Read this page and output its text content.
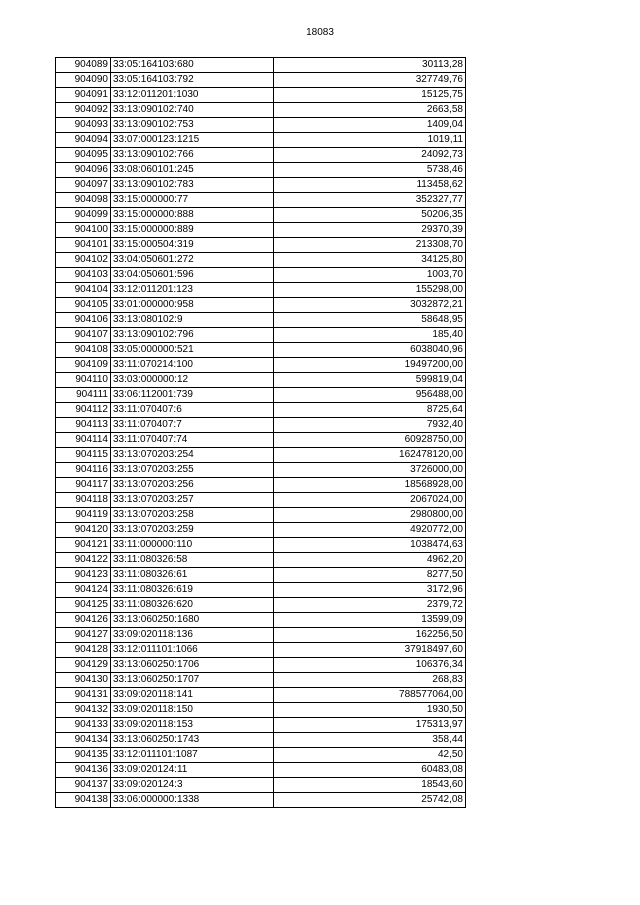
18083
904089	33:05:164103:680	30113,28
904090	33:05:164103:792	327749,76
904091	33:12:011201:1030	15125,75
904092	33:13:090102:740	2663,58
904093	33:13:090102:753	1409,04
904094	33:07:000123:1215	1019,11
904095	33:13:090102:766	24092,73
904096	33:08:060101:245	5738,46
904097	33:13:090102:783	113458,62
904098	33:15:000000:77	352327,77
904099	33:15:000000:888	50206,35
904100	33:15:000000:889	29370,39
904101	33:15:000504:319	213308,70
904102	33:04:050601:272	34125,80
904103	33:04:050601:596	1003,70
904104	33:12:011201:123	155298,00
904105	33:01:000000:958	3032872,21
904106	33:13:080102:9	58648,95
904107	33:13:090102:796	185,40
904108	33:05:000000:521	6038040,96
904109	33:11:070214:100	19497200,00
904110	33:03:000000:12	599819,04
904111	33:06:112001:739	956488,00
904112	33:11:070407:6	8725,64
904113	33:11:070407:7	7932,40
904114	33:11:070407:74	60928750,00
904115	33:13:070203:254	162478120,00
904116	33:13:070203:255	3726000,00
904117	33:13:070203:256	18568928,00
904118	33:13:070203:257	2067024,00
904119	33:13:070203:258	2980800,00
904120	33:13:070203:259	4920772,00
904121	33:11:000000:110	1038474,63
904122	33:11:080326:58	4962,20
904123	33:11:080326:61	8277,50
904124	33:11:080326:619	3172,96
904125	33:11:080326:620	2379,72
904126	33:13:060250:1680	13599,09
904127	33:09:020118:136	162256,50
904128	33:12:011101:1066	37918497,60
904129	33:13:060250:1706	106376,34
904130	33:13:060250:1707	268,83
904131	33:09:020118:141	788577064,00
904132	33:09:020118:150	1930,50
904133	33:09:020118:153	175313,97
904134	33:13:060250:1743	358,44
904135	33:12:011101:1087	42,50
904136	33:09:020124:11	60483,08
904137	33:09:020124:3	18543,60
904138	33:06:000000:1338	25742,08
